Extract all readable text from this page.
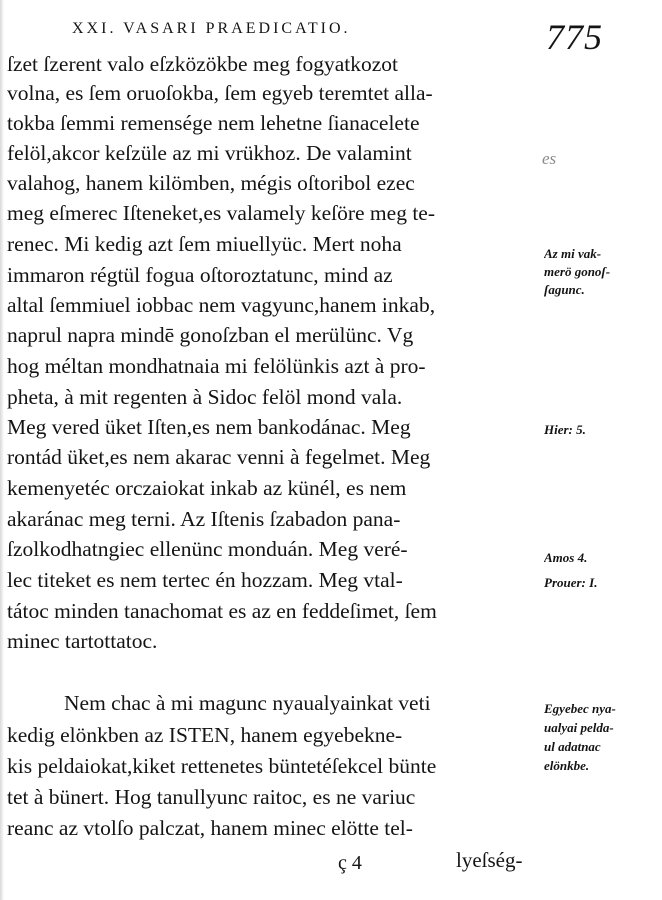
XXI. VASARI PRAEDICATIO.	775
ſzet ſzerent valo eſzközökbe meg fogyatkozot
volna, es ſem oruoſokba, ſem egyeb teremtet alla-
tokba ſemmi remensége nem lehetne ſianacelete
felöl,akcor keſzüle az mi vrükhoz. De valamint
valahog, hanem kilömben, mégis oſtoribol ezec
meg eſmerec Iſteneket,es valamely keſöre meg te-
renec. Mi kedig azt ſem miuellyüc. Mert noha
immaron régtül fogua oſtoroztatunc, mind az
altal ſemmiuel iobbac nem vagyunc,hanem inkab,
naprul napra mindē gonoſzban el merülünc. Vg
hog méltan mondhatnaia mi felölünkis azt à pro-
pheta, à mit regenten à Sidoc felöl mond vala.
Meg vered üket Iſten,es nem bankodánac. Meg
rontád üket,es nem akarac venni à fegelmet. Meg
kemenyetéc orczaiokat inkab az künél, es nem
akaránac meg terni. Az Iſtenis ſzabadon pana-
ſzolkodhatngiec ellenünc monduán. Meg veré-
lec titeket es nem tertec én hozzam. Meg vtal-
tátoc minden tanachomat es az en feddeſimet, ſem
minec tartottatoc.
Nem chac à mi magunc nyaualyainkat veti
kedig elönkben az ISTEN, hanem egyebekne-
kis peldaiokat,kiket rettenetes büntetéſekcel bünte
tet à bünert. Hog tanullyunc raitoc, es ne variuc
reanc az vtolſo palczat, hanem minec elötte tel-
es
Az mi vak-
merö gonoſ-
ſagunc.
Hier: 5.
Amos 4.
Prouer: I.
Egyebec nya-
ualyai pelda-
ul adatnac
elönkbe.
ç 4	lyeſség-
